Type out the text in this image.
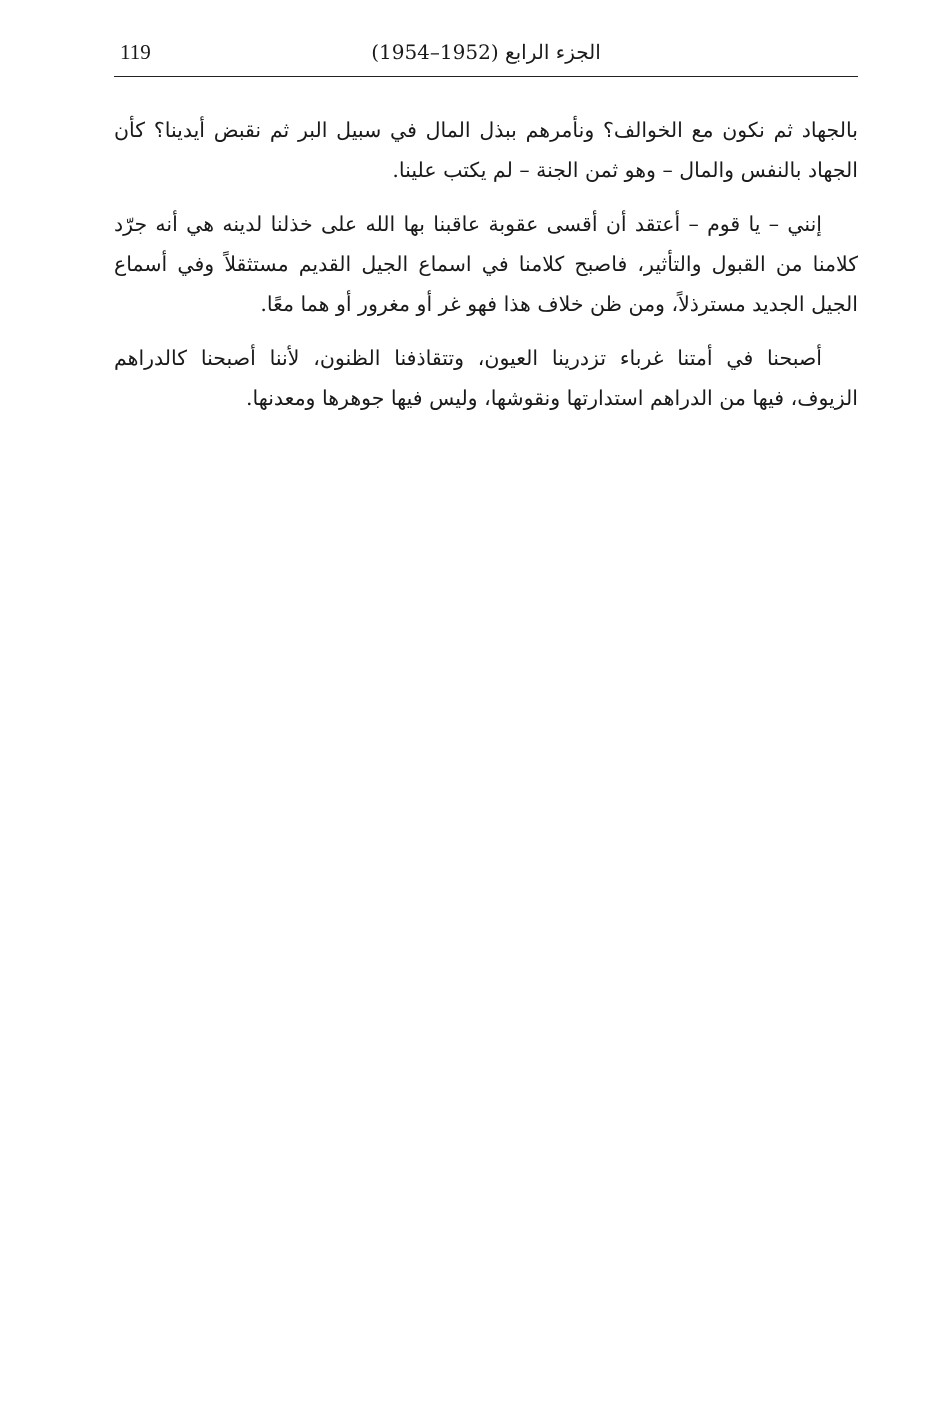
119	الجزء الرابع (1952–1954)

بالجهاد ثم نكون مع الخوالف؟ ونأمرهم ببذل المال في سبيل البر ثم نقبض أيدينا؟ كأن الجهاد بالنفس والمال – وهو ثمن الجنة – لم يكتب علينا.

إنني – يا قوم – أعتقد أن أقسى عقوبة عاقبنا بها الله على خذلنا لدينه هي أنه جرّد كلامنا من القبول والتأثير، فاصبح كلامنا في اسماع الجيل القديم مستثقلاً وفي أسماع الجيل الجديد مسترذلاً، ومن ظن خلاف هذا فهو غر أو مغرور أو هما معًا.

أصبحنا في أمتنا غرباء تزدرينا العيون، وتتقاذفنا الظنون، لأننا أصبحنا كالدراهم الزيوف، فيها من الدراهم استدارتها ونقوشها، وليس فيها جوهرها ومعدنها.
